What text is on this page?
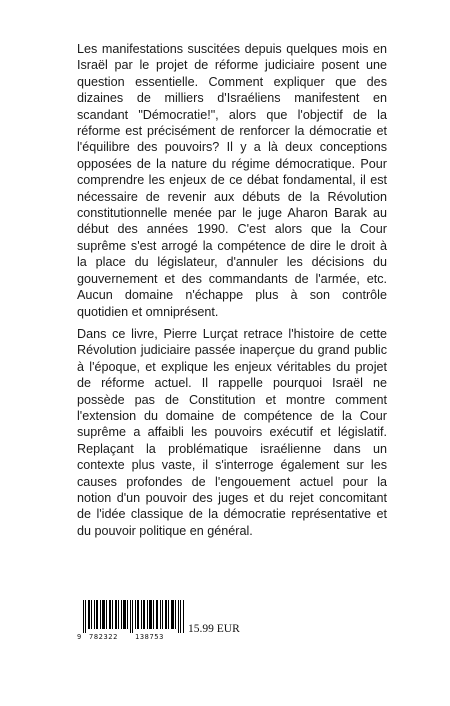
Les manifestations suscitées depuis quelques mois en Israël par le projet de réforme judiciaire posent une question essentielle. Comment expliquer que des dizaines de milliers d'Israéliens manifestent en scandant "Démocratie!", alors que l'objectif de la réforme est précisément de renforcer la démocratie et l'équilibre des pouvoirs? Il y a là deux conceptions opposées de la nature du régime démocratique. Pour comprendre les enjeux de ce débat fondamental, il est nécessaire de revenir aux débuts de la Révolution constitutionnelle menée par le juge Aharon Barak au début des années 1990. C'est alors que la Cour suprême s'est arrogé la compétence de dire le droit à la place du législateur, d'annuler les décisions du gouvernement et des commandants de l'armée, etc. Aucun domaine n'échappe plus à son contrôle quotidien et omniprésent.

Dans ce livre, Pierre Lurçat retrace l'histoire de cette Révolution judiciaire passée inaperçue du grand public à l'époque, et explique les enjeux véritables du projet de réforme actuel. Il rappelle pourquoi Israël ne possède pas de Constitution et montre comment l'extension du domaine de compétence de la Cour suprême a affaibli les pouvoirs exécutif et législatif. Replaçant la problématique israélienne dans un contexte plus vaste, il s'interroge également sur les causes profondes de l'engouement actuel pour la notion d'un pouvoir des juges et du rejet concomitant de l'idée classique de la démocratie représentative et du pouvoir politique en général.

9 782322 138753
15.99 EUR
